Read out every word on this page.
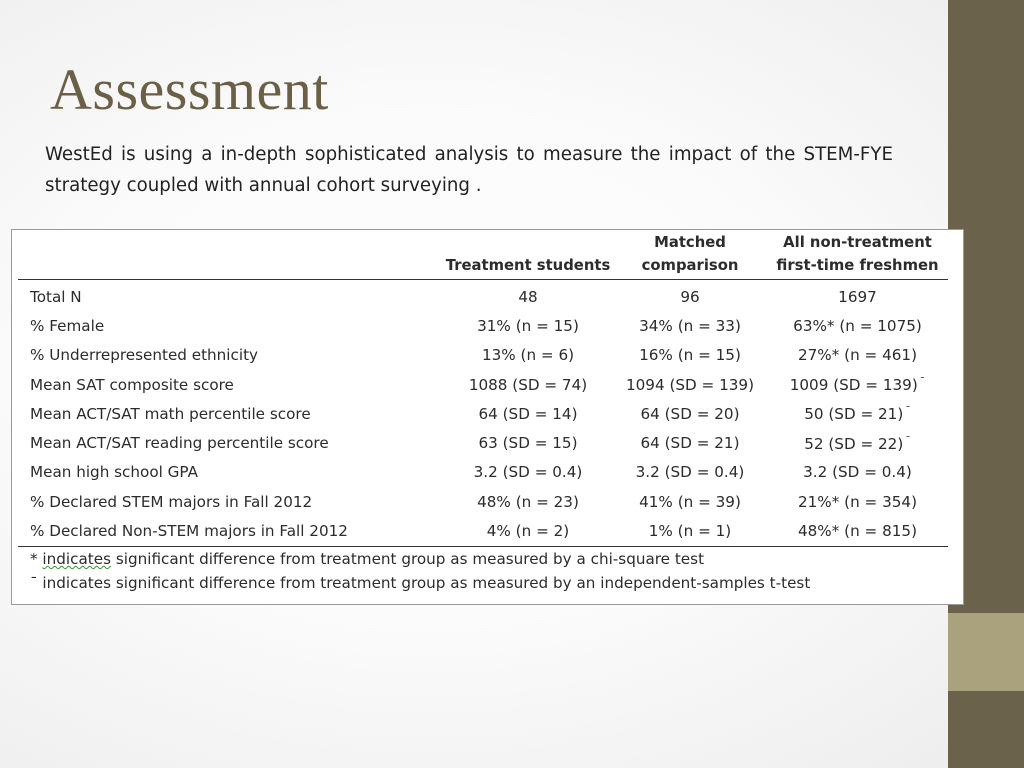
Assessment

WestEd is using a in-depth sophisticated analysis to measure the impact of the STEM-FYE strategy coupled with annual cohort surveying .

	Treatment students	Matched comparison	All non-treatment first-time freshmen
Total N	48	96	1697
% Female	31% (n = 15)	34% (n = 33)	63%* (n = 1075)
% Underrepresented ethnicity	13% (n = 6)	16% (n = 15)	27%* (n = 461)
Mean SAT composite score	1088 (SD = 74)	1094 (SD = 139)	1009 (SD = 139) $^ˉ$
Mean ACT/SAT math percentile score	64 (SD = 14)	64 (SD = 20)	50 (SD = 21) $^ˉ$
Mean ACT/SAT reading percentile score	63 (SD = 15)	64 (SD = 21)	52 (SD = 22) $^ˉ$
Mean high school GPA	3.2 (SD = 0.4)	3.2 (SD = 0.4)	3.2 (SD = 0.4)
% Declared STEM majors in Fall 2012	48% (n = 23)	41% (n = 39)	21%* (n = 354)
% Declared Non-STEM majors in Fall 2012	4% (n = 2)	1% (n = 1)	48%* (n = 815)
* indicates significant difference from treatment group as measured by a chi-square test
ˉ indicates significant difference from treatment group as measured by an independent-samples t-test
